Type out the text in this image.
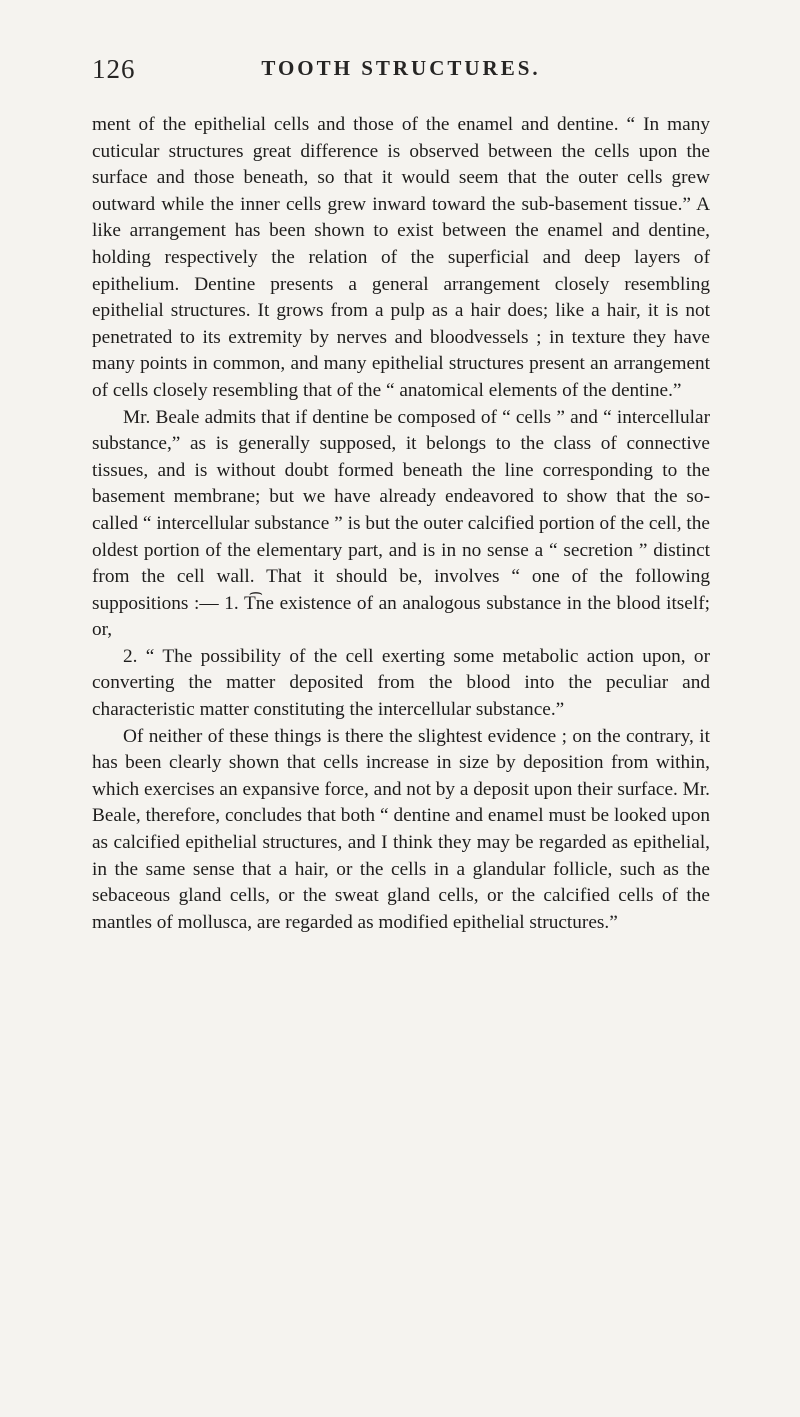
126	TOOTH STRUCTURES.

ment of the epithelial cells and those of the enamel and dentine. “ In many cuticular structures great difference is observed between the cells upon the surface and those beneath, so that it would seem that the outer cells grew outward while the inner cells grew inward toward the sub-basement tissue.” A like arrangement has been shown to exist between the enamel and dentine, holding respectively the relation of the superficial and deep layers of epithelium. Dentine presents a general arrangement closely resembling epithelial structures. It grows from a pulp as a hair does; like a hair, it is not penetrated to its extremity by nerves and bloodvessels ; in texture they have many points in common, and many epithelial structures present an arrangement of cells closely resembling that of the “ anatomical elements of the dentine.”

Mr. Beale admits that if dentine be composed of “ cells ” and “ intercellular substance,” as is generally supposed, it belongs to the class of connective tissues, and is without doubt formed beneath the line corresponding to the basement membrane; but we have already endeavored to show that the so-called “ intercellular substance ” is but the outer calcified portion of the cell, the oldest portion of the elementary part, and is in no sense a “ secretion ” distinct from the cell wall. That it should be, involves “ one of the following suppositions :— 1. T͡ne existence of an analogous substance in the blood itself; or,

2. “ The possibility of the cell exerting some metabolic action upon, or converting the matter deposited from the blood into the peculiar and characteristic matter constituting the intercellular substance.”

Of neither of these things is there the slightest evidence ; on the contrary, it has been clearly shown that cells increase in size by deposition from within, which exercises an expansive force, and not by a deposit upon their surface. Mr. Beale, therefore, concludes that both “ dentine and enamel must be looked upon as calcified epithelial structures, and I think they may be regarded as epithelial, in the same sense that a hair, or the cells in a glandular follicle, such as the sebaceous gland cells, or the sweat gland cells, or the calcified cells of the mantles of mollusca, are regarded as modified epithelial structures.”
